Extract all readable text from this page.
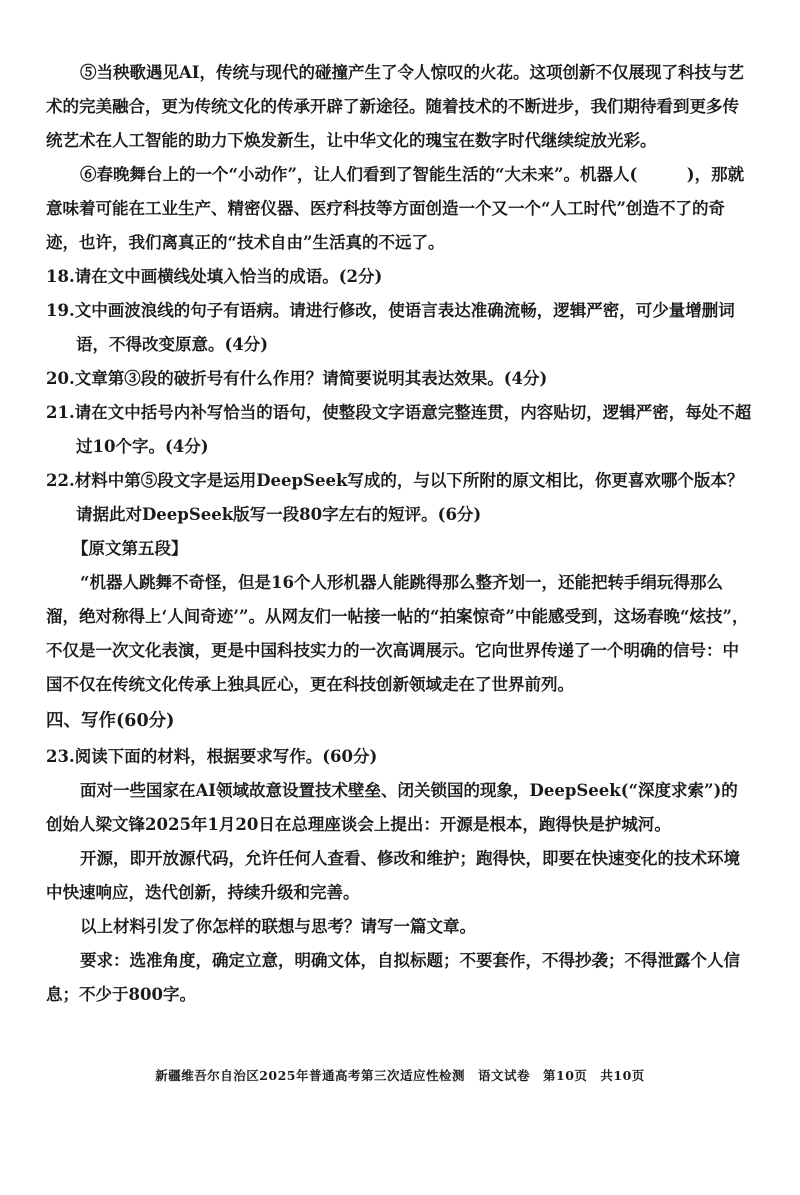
⑤当秧歌遇见AI，传统与现代的碰撞产生了令人惊叹的火花。这项创新不仅展现了科技与艺术的完美融合，更为传统文化的传承开辟了新途径。随着技术的不断进步，我们期待看到更多传统艺术在人工智能的助力下焕发新生，让中华文化的瑰宝在数字时代继续绽放光彩。

⑥春晚舞台上的一个“小动作”，让人们看到了智能生活的“大未来”。机器人(　　　)，那就意味着可能在工业生产、精密仪器、医疗科技等方面创造一个又一个“人工时代”创造不了的奇迹，也许，我们离真正的“技术自由”生活真的不远了。

18.请在文中画横线处填入恰当的成语。(2分)

19.文中画波浪线的句子有语病。请进行修改，使语言表达准确流畅，逻辑严密，可少量增删词语，不得改变原意。(4分)

20.文章第③段的破折号有什么作用？请简要说明其表达效果。(4分)

21.请在文中括号内补写恰当的语句，使整段文字语意完整连贯，内容贴切，逻辑严密，每处不超过10个字。(4分)

22.材料中第⑤段文字是运用DeepSeek写成的，与以下所附的原文相比，你更喜欢哪个版本？请据此对DeepSeek版写一段80字左右的短评。(6分)

【原文第五段】

“机器人跳舞不奇怪，但是16个人形机器人能跳得那么整齐划一，还能把转手绢玩得那么溜，绝对称得上‘人间奇迹’”。从网友们一帖接一帖的“拍案惊奇”中能感受到，这场春晚“炫技”，不仅是一次文化表演，更是中国科技实力的一次高调展示。它向世界传递了一个明确的信号：中国不仅在传统文化传承上独具匠心，更在科技创新领域走在了世界前列。

四、写作(60分)

23.阅读下面的材料，根据要求写作。(60分)

面对一些国家在AI领域故意设置技术壁垒、闭关锁国的现象，DeepSeek(“深度求索”)的创始人梁文锋2025年1月20日在总理座谈会上提出：开源是根本，跑得快是护城河。

开源，即开放源代码，允许任何人查看、修改和维护；跑得快，即要在快速变化的技术环境中快速响应，迭代创新，持续升级和完善。

以上材料引发了你怎样的联想与思考？请写一篇文章。

要求：选准角度，确定立意，明确文体，自拟标题；不要套作，不得抄袭；不得泄露个人信息；不少于800字。

新疆维吾尔自治区2025年普通高考第三次适应性检测　语文试卷　第10页　共10页
